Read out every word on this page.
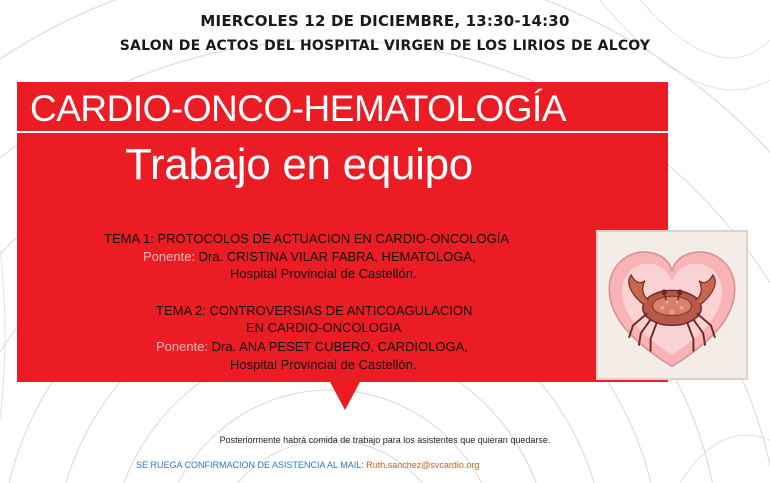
MIERCOLES 12 DE DICIEMBRE, 13:30-14:30
SALON DE ACTOS DEL HOSPITAL VIRGEN DE LOS LIRIOS DE ALCOY
CARDIO-ONCO-HEMATOLOGÍA
Trabajo en equipo
TEMA 1: PROTOCOLOS DE ACTUACION EN CARDIO-ONCOLOGÍA
Ponente: Dra. CRISTINA VILAR FABRA, HEMATOLOGA,
Hospital Provincial de Castellón.
TEMA 2: CONTROVERSIAS DE ANTICOAGULACION
EN CARDIO-ONCOLOGIA
Ponente: Dra. ANA PESET CUBERO, CARDIOLOGA,
Hospital Provincial de Castellón.
Posteriormente habrá comida de trabajo para los asistentes que quieran quedarse.
SE RUEGA CONFIRMACION DE ASISTENCIA AL MAIL: Ruth.sanchez@svcardio.org
